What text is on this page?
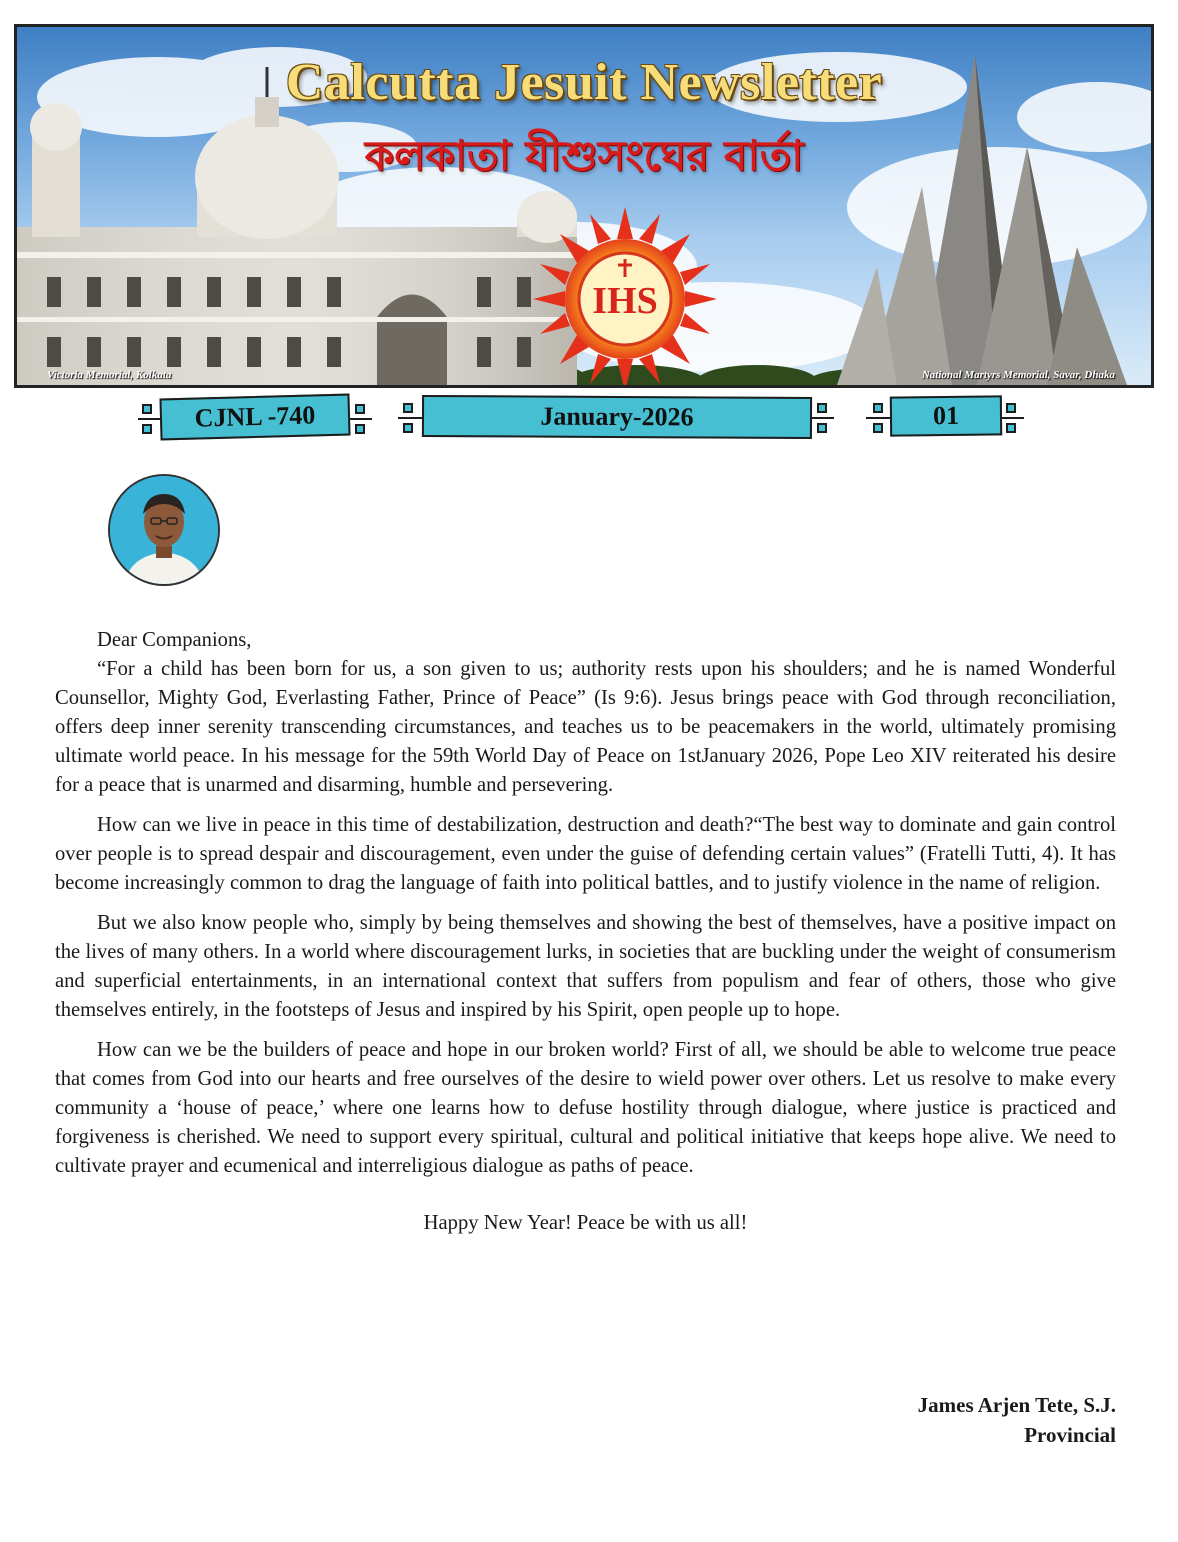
IHS
Calcutta Jesuit Newsletter
কলকাতা যীশুসংঘের বার্তা
Victoria Memorial, Kolkata	National Martyrs Memorial, Savar, Dhaka
CJNL -740	January-2026	01

Dear Companions,

“For a child has been born for us, a son given to us; authority rests upon his shoulders; and he is named Wonderful Counsellor, Mighty God, Everlasting Father, Prince of Peace” (Is 9:6). Jesus brings peace with God through reconciliation, offers deep inner serenity transcending circumstances, and teaches us to be peacemakers in the world, ultimately promising ultimate world peace. In his message for the 59th World Day of Peace on 1stJanuary 2026, Pope Leo XIV reiterated his desire for a peace that is unarmed and disarming, humble and persevering.

How can we live in peace in this time of destabilization, destruction and death?“The best way to dominate and gain control over people is to spread despair and discouragement, even under the guise of defending certain values” (Fratelli Tutti, 4). It has become increasingly common to drag the language of faith into political battles, and to justify violence in the name of religion.

But we also know people who, simply by being themselves and showing the best of themselves, have a positive impact on the lives of many others. In a world where discouragement lurks, in societies that are buckling under the weight of consumerism and superficial entertainments, in an international context that suffers from populism and fear of others, those who give themselves entirely, in the footsteps of Jesus and inspired by his Spirit, open people up to hope.

How can we be the builders of peace and hope in our broken world? First of all, we should be able to welcome true peace that comes from God into our hearts and free ourselves of the desire to wield power over others. Let us resolve to make every community a ‘house of peace,’ where one learns how to defuse hostility through dialogue, where justice is practiced and forgiveness is cherished. We need to support every spiritual, cultural and political initiative that keeps hope alive. We need to cultivate prayer and ecumenical and interreligious dialogue as paths of peace.

Happy New Year! Peace be with us all!

James Arjen Tete, S.J.
Provincial
